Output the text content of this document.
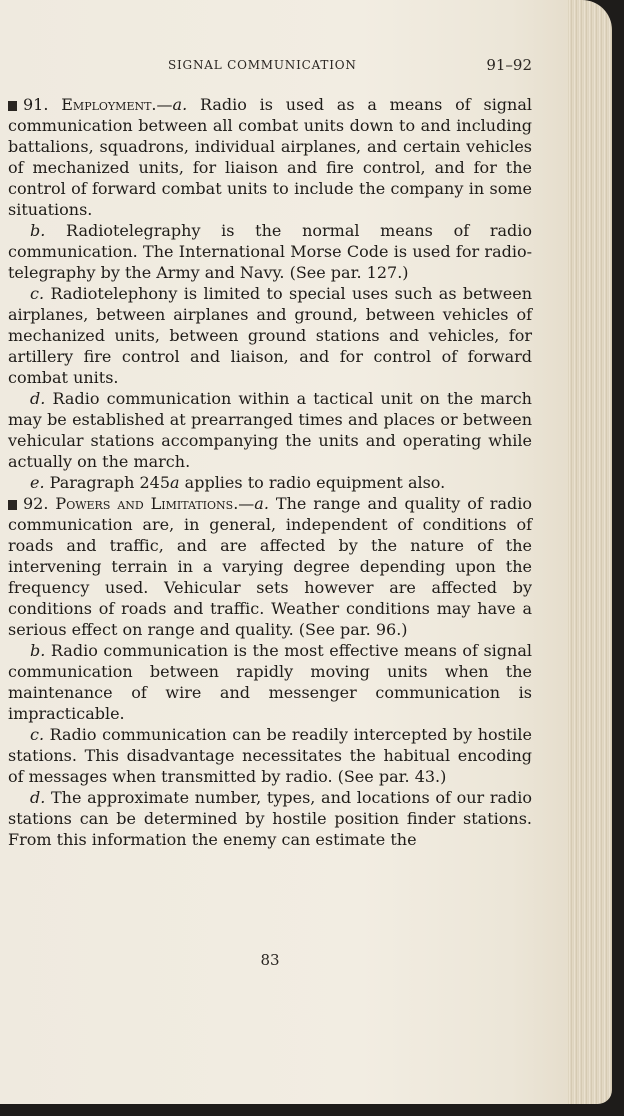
SIGNAL COMMUNICATION	91–92

91. Employment.—a. Radio is used as a means of signal communication between all combat units down to and including battalions, squadrons, individual airplanes, and certain vehicles of mechanized units, for liaison and fire control, and for the control of forward combat units to include the company in some situations.

b. Radiotelegraphy is the normal means of radio communication. The International Morse Code is used for radio-telegraphy by the Army and Navy. (See par. 127.)

c. Radiotelephony is limited to special uses such as between airplanes, between airplanes and ground, between vehicles of mechanized units, between ground stations and vehicles, for artillery fire control and liaison, and for control of forward combat units.

d. Radio communication within a tactical unit on the march may be established at prearranged times and places or between vehicular stations accompanying the units and operating while actually on the march.

e. Paragraph 245a applies to radio equipment also.

92. Powers and Limitations.—a. The range and quality of radio communication are, in general, independent of conditions of roads and traffic, and are affected by the nature of the intervening terrain in a varying degree depending upon the frequency used. Vehicular sets however are affected by conditions of roads and traffic. Weather conditions may have a serious effect on range and quality. (See par. 96.)

b. Radio communication is the most effective means of signal communication between rapidly moving units when the maintenance of wire and messenger communication is impracticable.

c. Radio communication can be readily intercepted by hostile stations. This disadvantage necessitates the habitual encoding of messages when transmitted by radio. (See par. 43.)

d. The approximate number, types, and locations of our radio stations can be determined by hostile position finder stations. From this information the enemy can estimate the

83
